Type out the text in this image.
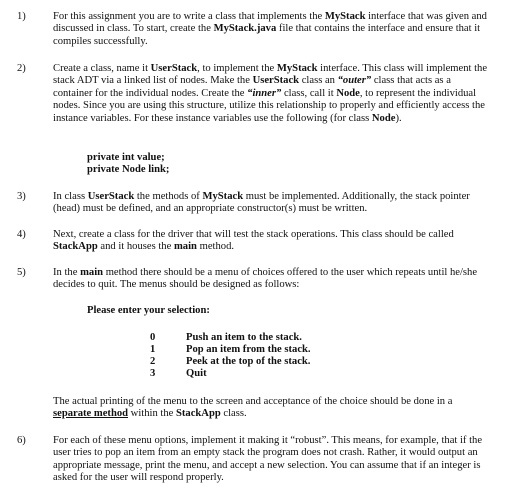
1)	For this assignment you are to write a class that implements the MyStack interface that was given and discussed in class. To start, create the MyStack.java file that contains the interface and ensure that it compiles successfully.
2)	Create a class, name it UserStack, to implement the MyStack interface. This class will implement the stack ADT via a linked list of nodes. Make the UserStack class an “outer” class that acts as a container for the individual nodes. Create the “inner” class, call it Node, to represent the individual nodes. Since you are using this structure, utilize this relationship to properly and efficiently access the instance variables. For these instance variables use the following (for class Node).
private int value;
private Node link;
3)	In class UserStack the methods of MyStack must be implemented. Additionally, the stack pointer (head) must be defined, and an appropriate constructor(s) must be written.
4)	Next, create a class for the driver that will test the stack operations. This class should be called StackApp and it houses the main method.
5)	In the main method there should be a menu of choices offered to the user which repeats until he/she decides to quit. The menus should be designed as follows:
Please enter your selection:
0	Push an item to the stack.
1	Pop an item from the stack.
2	Peek at the top of the stack.
3	Quit
The actual printing of the menu to the screen and acceptance of the choice should be done in a separate method within the StackApp class.
6)	For each of these menu options, implement it making it “robust”. This means, for example, that if the user tries to pop an item from an empty stack the program does not crash. Rather, it would output an appropriate message, print the menu, and accept a new selection. You can assume that if an integer is asked for the user will respond properly.
